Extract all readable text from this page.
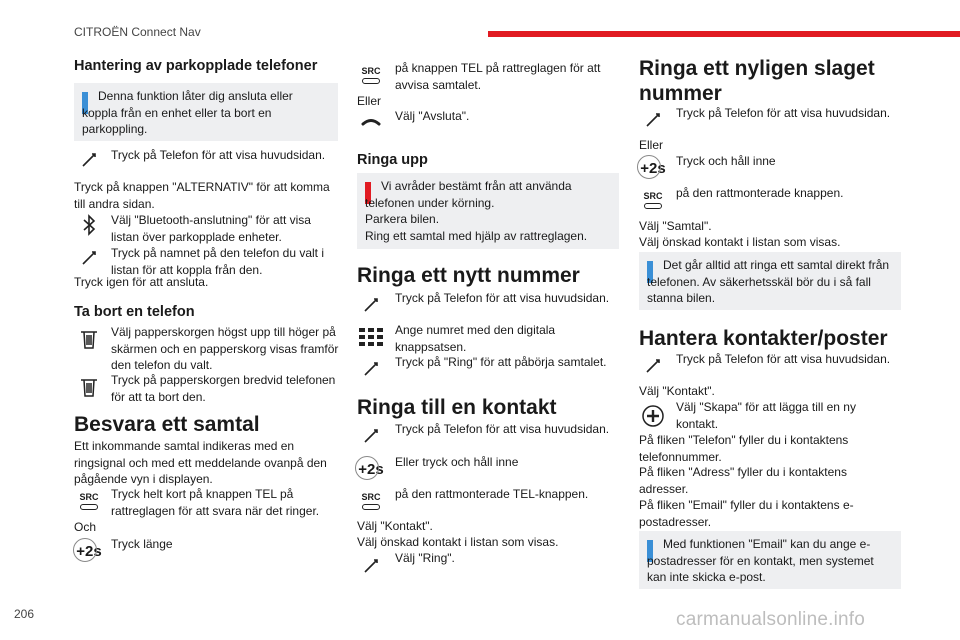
CITROËN Connect Nav
206	carmanualsonline.info
Hantering av parkopplade telefoner
Denna funktion låter dig ansluta eller koppla från en enhet eller ta bort en parkoppling.
Tryck på Telefon för att visa huvudsidan.
Tryck på knappen "ALTERNATIV" för att komma till andra sidan.
Välj "Bluetooth-anslutning" för att visa listan över parkopplade enheter.
Tryck på namnet på den telefon du valt i listan för att koppla från den.
Tryck igen för att ansluta.
Ta bort en telefon
Välj papperskorgen högst upp till höger på skärmen och en papperskorg visas framför den telefon du valt.
Tryck på papperskorgen bredvid telefonen för att ta bort den.
Besvara ett samtal
Ett inkommande samtal indikeras med en ringsignal och med ett meddelande ovanpå den pågående vyn i displayen.
SRC Tryck helt kort på knappen TEL på rattreglagen för att svara när det ringer.
Och
+2s Tryck länge
SRC på knappen TEL på rattreglagen för att avvisa samtalet.
Eller
Välj "Avsluta".
Ringa upp
Vi avråder bestämt från att använda telefonen under körning.
Parkera bilen.
Ring ett samtal med hjälp av rattreglagen.
Ringa ett nytt nummer
Tryck på Telefon för att visa huvudsidan.
Ange numret med den digitala knappsatsen.
Tryck på "Ring" för att påbörja samtalet.
Ringa till en kontakt
Tryck på Telefon för att visa huvudsidan.
+2s Eller tryck och håll inne
SRC på den rattmonterade TEL-knappen.
Välj "Kontakt".
Välj önskad kontakt i listan som visas.
Välj "Ring".
Ringa ett nyligen slaget nummer
Tryck på Telefon för att visa huvudsidan.
Eller
+2s Tryck och håll inne
SRC på den rattmonterade knappen.
Välj "Samtal".
Välj önskad kontakt i listan som visas.
Det går alltid att ringa ett samtal direkt från telefonen. Av säkerhetsskäl bör du i så fall stanna bilen.
Hantera kontakter/poster
Tryck på Telefon för att visa huvudsidan.
Välj "Kontakt".
Välj "Skapa" för att lägga till en ny kontakt.
På fliken "Telefon" fyller du i kontaktens telefonnummer.
På fliken "Adress" fyller du i kontaktens adresser.
På fliken "Email" fyller du i kontaktens e-postadresser.
Med funktionen "Email" kan du ange e-postadresser för en kontakt, men systemet kan inte skicka e-post.
